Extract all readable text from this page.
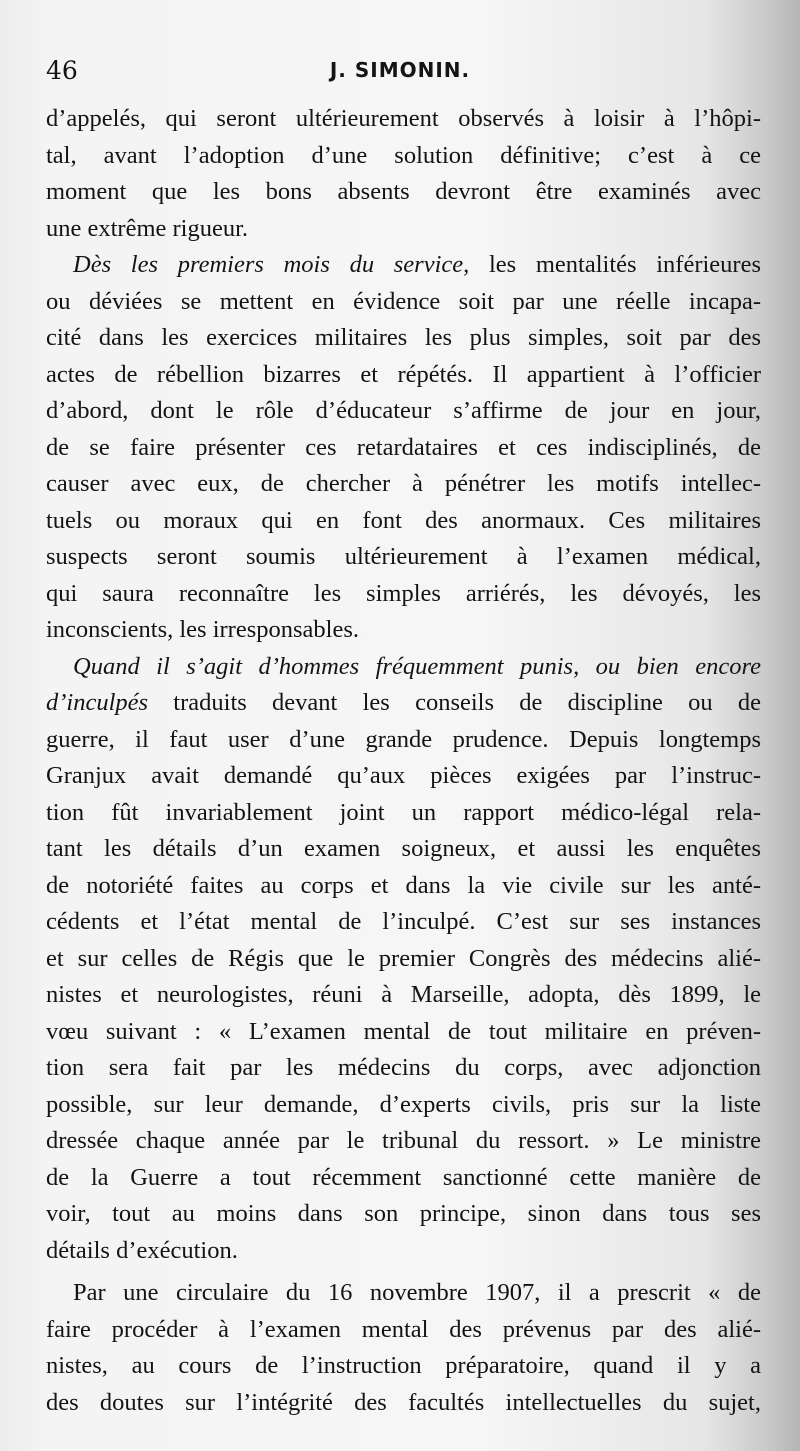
46	J. SIMONIN.
d’appelés, qui seront ultérieurement observés à loisir à l’hôpi-
tal, avant l’adoption d’une solution définitive; c’est à ce
moment que les bons absents devront être examinés avec
une extrême rigueur.
Dès les premiers mois du service, les mentalités inférieures
ou déviées se mettent en évidence soit par une réelle incapa-
cité dans les exercices militaires les plus simples, soit par des
actes de rébellion bizarres et répétés. Il appartient à l’officier
d’abord, dont le rôle d’éducateur s’affirme de jour en jour,
de se faire présenter ces retardataires et ces indisciplinés, de
causer avec eux, de chercher à pénétrer les motifs intellec-
tuels ou moraux qui en font des anormaux. Ces militaires
suspects seront soumis ultérieurement à l’examen médical,
qui saura reconnaître les simples arriérés, les dévoyés, les
inconscients, les irresponsables.
Quand il s’agit d’hommes fréquemment punis, ou bien encore
d’inculpés traduits devant les conseils de discipline ou de
guerre, il faut user d’une grande prudence. Depuis longtemps
Granjux avait demandé qu’aux pièces exigées par l’instruc-
tion fût invariablement joint un rapport médico-légal rela-
tant les détails d’un examen soigneux, et aussi les enquêtes
de notoriété faites au corps et dans la vie civile sur les anté-
cédents et l’état mental de l’inculpé. C’est sur ses instances
et sur celles de Régis que le premier Congrès des médecins alié-
nistes et neurologistes, réuni à Marseille, adopta, dès 1899, le
vœu suivant : « L’examen mental de tout militaire en préven-
tion sera fait par les médecins du corps, avec adjonction
possible, sur leur demande, d’experts civils, pris sur la liste
dressée chaque année par le tribunal du ressort. » Le ministre
de la Guerre a tout récemment sanctionné cette manière de
voir, tout au moins dans son principe, sinon dans tous ses
détails d’exécution.
Par une circulaire du 16 novembre 1907, il a prescrit « de
faire procéder à l’examen mental des prévenus par des alié-
nistes, au cours de l’instruction préparatoire, quand il y a
des doutes sur l’intégrité des facultés intellectuelles du sujet,
